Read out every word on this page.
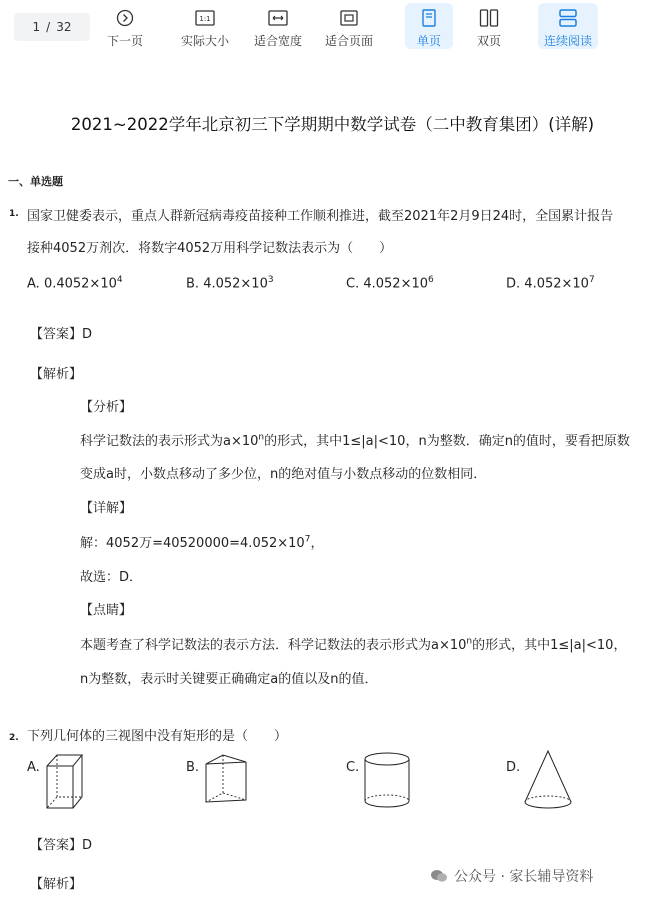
1 / 32
下一页
1:1
实际大小 适合宽度 适合页面	单页	双页	连续阅读
2021~2022学年北京初三下学期期中数学试卷（二中教育集团）(详解)
一、单选题
1. 国家卫健委表示，重点人群新冠病毒疫苗接种工作顺利推进，截至2021年2月9日24时，全国累计报告
接种4052万剂次．将数字4052万用科学记数法表示为（　　）
A. $0.4052\times 10^4$	B. $4.052\times 10^3$	C. $4.052\times 10^6$	D. $4.052\times 10^7$
【答案】D
【解析】
【分析】
科学记数法的表示形式为$a\times 10^n$的形式，其中1≤|a|<10，n为整数．确定n的值时，要看把原数
变成a时，小数点移动了多少位，n的绝对值与小数点移动的位数相同．
【详解】
解：4052万$=40520000=4.052\times 10^7$，
故选：D．
【点睛】
本题考查了科学记数法的表示方法．科学记数法的表示形式为$a\times 10^n$的形式，其中1≤|a|<10，
n为整数，表示时关键要正确确定a的值以及n的值．
2. 下列几何体的三视图中没有矩形的是（　　）
A.	B.	C.	D.
【答案】D
【解析】	公众号 · 家长辅导资料
